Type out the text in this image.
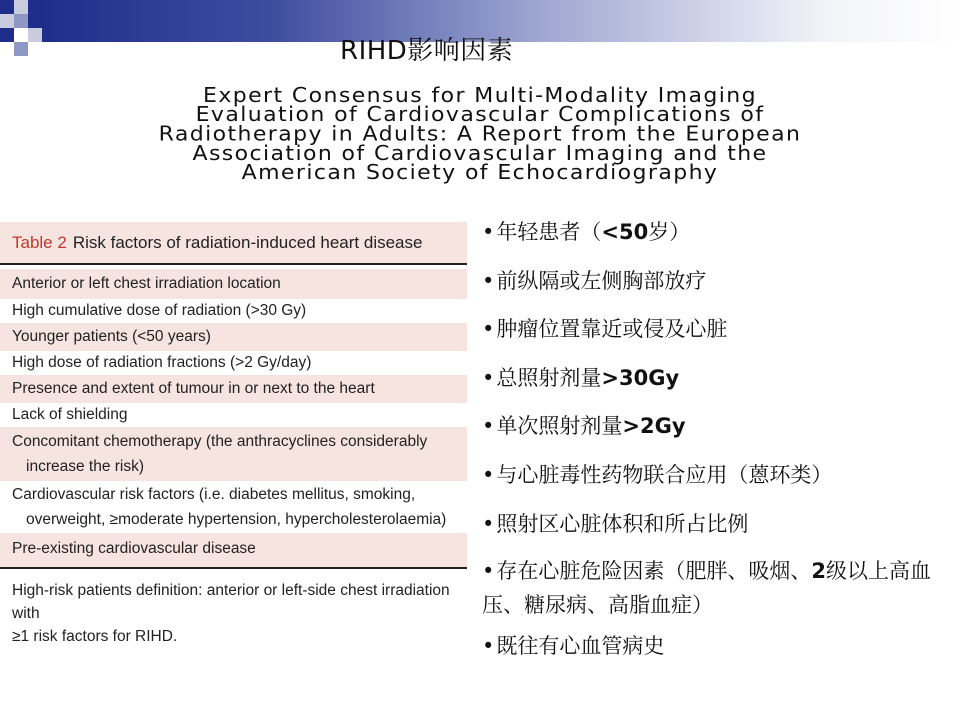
RIHD影响因素
Expert Consensus for Multi-Modality Imaging
Evaluation of Cardiovascular Complications of
Radiotherapy in Adults: A Report from the European
Association of Cardiovascular Imaging and the
American Society of Echocardiography
Table 2 Risk factors of radiation-induced heart disease
Anterior or left chest irradiation location
High cumulative dose of radiation (>30 Gy)
Younger patients (<50 years)
High dose of radiation fractions (>2 Gy/day)
Presence and extent of tumour in or next to the heart
Lack of shielding
Concomitant chemotherapy (the anthracyclines considerably
increase the risk)
Cardiovascular risk factors (i.e. diabetes mellitus, smoking,
overweight, ≥moderate hypertension, hypercholesterolaemia)
Pre-existing cardiovascular disease
High-risk patients definition: anterior or left-side chest irradiation with
≥1 risk factors for RIHD.
•年轻患者（<50岁）
•前纵隔或左侧胸部放疗
•肿瘤位置靠近或侵及心脏
•总照射剂量>30Gy
•单次照射剂量>2Gy
•与心脏毒性药物联合应用（蒽环类）
•照射区心脏体积和所占比例
•存在心脏危险因素（肥胖、吸烟、2级以上高血压、糖尿病、高脂血症）
•既往有心血管病史
